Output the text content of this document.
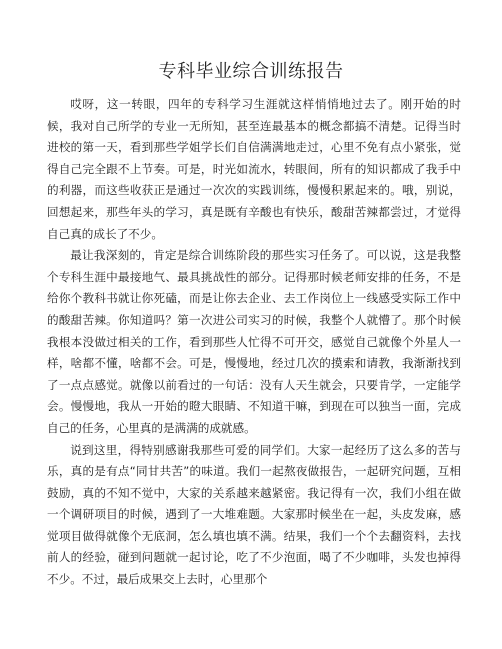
专科毕业综合训练报告

哎呀，这一转眼，四年的专科学习生涯就这样悄悄地过去了。刚开始的时候，我对自己所学的专业一无所知，甚至连最基本的概念都搞不清楚。记得当时进校的第一天，看到那些学姐学长们自信满满地走过，心里不免有点小紧张，觉得自己完全跟不上节奏。可是，时光如流水，转眼间，所有的知识都成了我手中的利器，而这些收获正是通过一次次的实践训练，慢慢积累起来的。哦，别说，回想起来，那些年头的学习，真是既有辛酸也有快乐，酸甜苦辣都尝过，才觉得自己真的成长了不少。

最让我深刻的，肯定是综合训练阶段的那些实习任务了。可以说，这是我整个专科生涯中最接地气、最具挑战性的部分。记得那时候老师安排的任务，不是给你个教科书就让你死磕，而是让你去企业、去工作岗位上一线感受实际工作中的酸甜苦辣。你知道吗？第一次进公司实习的时候，我整个人就懵了。那个时候我根本没做过相关的工作，看到那些人忙得不可开交，感觉自己就像个外星人一样，啥都不懂，啥都不会。可是，慢慢地，经过几次的摸索和请教，我渐渐找到了一点点感觉。就像以前看过的一句话：没有人天生就会，只要肯学，一定能学会。慢慢地，我从一开始的瞪大眼睛、不知道干嘛，到现在可以独当一面，完成自己的任务，心里真的是满满的成就感。

说到这里，得特别感谢我那些可爱的同学们。大家一起经历了这么多的苦与乐，真的是有点“同甘共苦”的味道。我们一起熬夜做报告，一起研究问题，互相鼓励，真的不知不觉中，大家的关系越来越紧密。我记得有一次，我们小组在做一个调研项目的时候，遇到了一大堆难题。大家那时候坐在一起，头皮发麻，感觉项目做得就像个无底洞，怎么填也填不满。结果，我们一个个去翻资料，去找前人的经验，碰到问题就一起讨论，吃了不少泡面，喝了不少咖啡，头发也掉得不少。不过，最后成果交上去时，心里那个
